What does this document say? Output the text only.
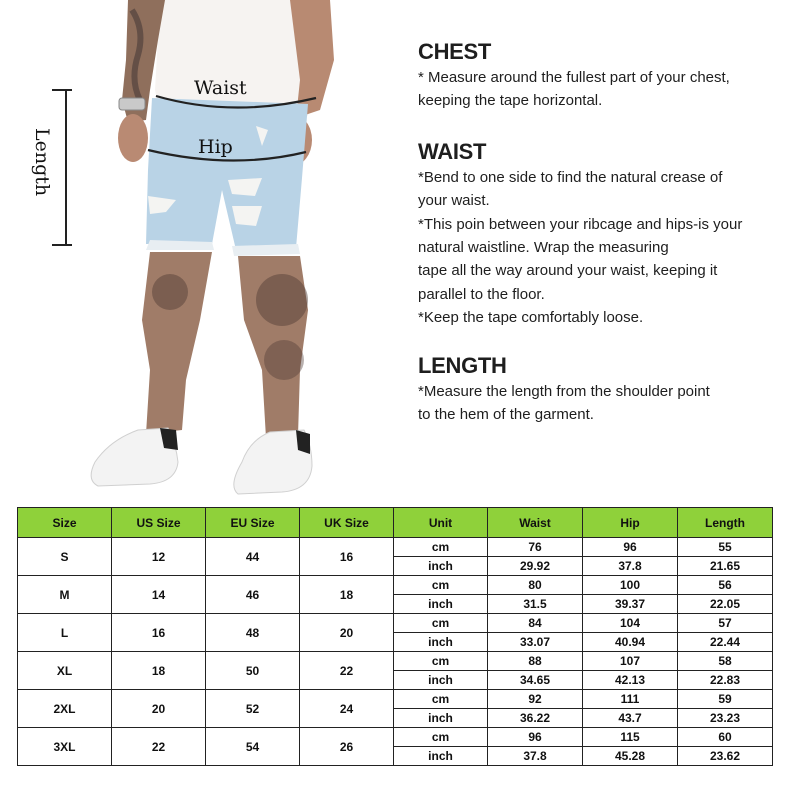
Waist
Hip
Length
CHEST

* Measure around the fullest part of your chest,

keeping the tape horizontal.

WAIST

*Bend to one side to find the natural crease of

your waist.

*This poin between your ribcage and hips-is your

natural waistline. Wrap the measuring

tape all the way around your waist, keeping it

parallel to the floor.

*Keep the tape comfortably loose.

LENGTH

*Measure the length from the shoulder point

to the hem of the garment.

Size	US Size	EU Size	UK Size	Unit	Waist	Hip	Length
S	12	44	16	cm	76	96	55
				inch	29.92	37.8	21.65
M	14	46	18	cm	80	100	56
				inch	31.5	39.37	22.05
L	16	48	20	cm	84	104	57
				inch	33.07	40.94	22.44
XL	18	50	22	cm	88	107	58
				inch	34.65	42.13	22.83
2XL	20	52	24	cm	92	111	59
				inch	36.22	43.7	23.23
3XL	22	54	26	cm	96	115	60
				inch	37.8	45.28	23.62
